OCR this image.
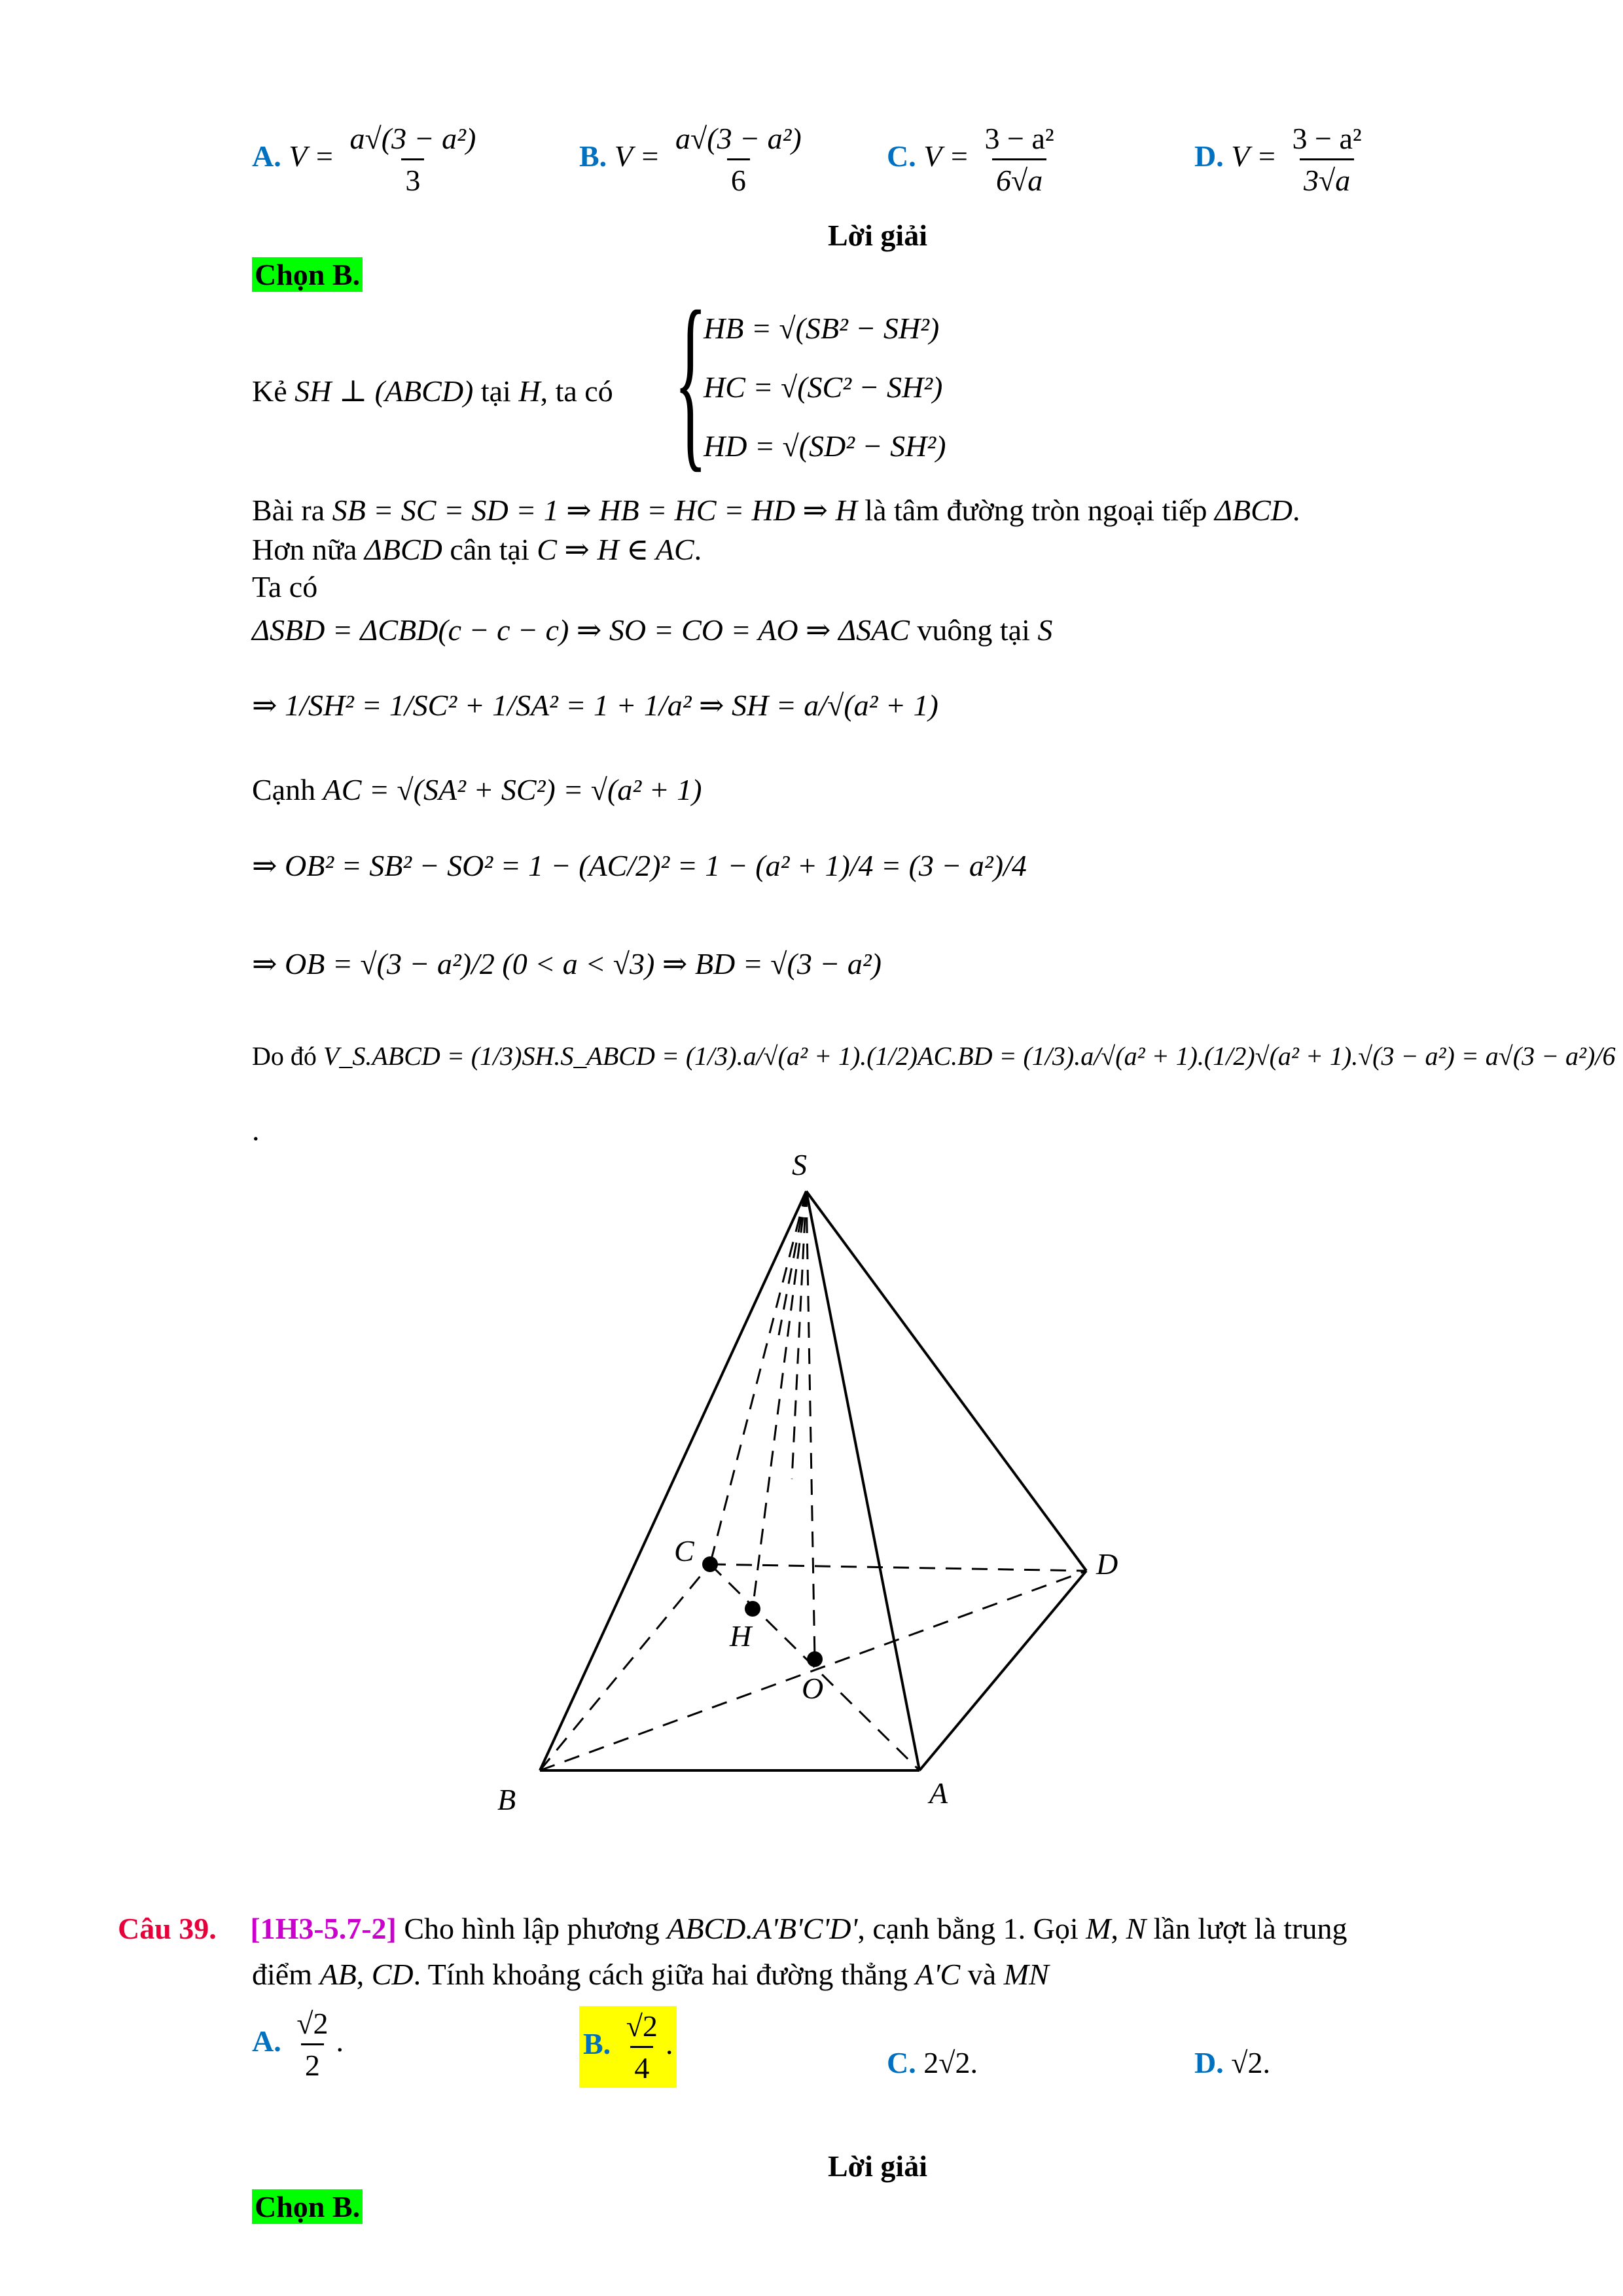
A. $V = \frac{\text{a√(3 − a²)}}{3}$	B. $V = \frac{\text{a√(3 − a²)}}{6}$	C. $V = \frac{\text{3 − a²}}{6√a}$	D. $V = \frac{\text{3 − a²}}{3√a}$
Lời giải
Chọn B.
Kẻ SH ⊥ (ABCD) tại H, ta có {
HB = √(SB² − SH²)
HC = √(SC² − SH²)
HD = √(SD² − SH²)
Bài ra SB = SC = SD = 1 ⇒ HB = HC = HD ⇒ H là tâm đường tròn ngoại tiếp ΔBCD.
Hơn nữa ΔBCD cân tại C ⇒ H ∈ AC.
Ta có
ΔSBD = ΔCBD(c − c − c) ⇒ SO = CO = AO ⇒ ΔSAC vuông tại S
⇒ 1/SH² = 1/SC² + 1/SA² = 1 + 1/a² ⇒ SH = a/√(a² + 1)
Cạnh AC = √(SA² + SC²) = √(a² + 1)
⇒ OB² = SB² − SO² = 1 − (AC/2)² = 1 − (a² + 1)/4 = (3 − a²)/4
⇒ OB = √(3 − a²)/2 (0 < a < √3) ⇒ BD = √(3 − a²)
Do đó V_S.ABCD = (1/3)SH.S_ABCD = (1/3).a/√(a² + 1).(1/2)AC.BD = (1/3).a/√(a² + 1).(1/2)√(a² + 1).√(3 − a²) = a√(3 − a²)/6
.
S
C	D
H
O
B	A
Câu 39. [1H3-5.7-2] Cho hình lập phương ABCD.A'B'C'D', cạnh bằng 1. Gọi M, N lần lượt là trung
điểm AB, CD. Tính khoảng cách giữa hai đường thẳng A'C và MN
A. $\frac{√2}{2}$ .	B. $\frac{√2}{4}$ .
C. 2√2.	D. √2.
Lời giải
Chọn B.
